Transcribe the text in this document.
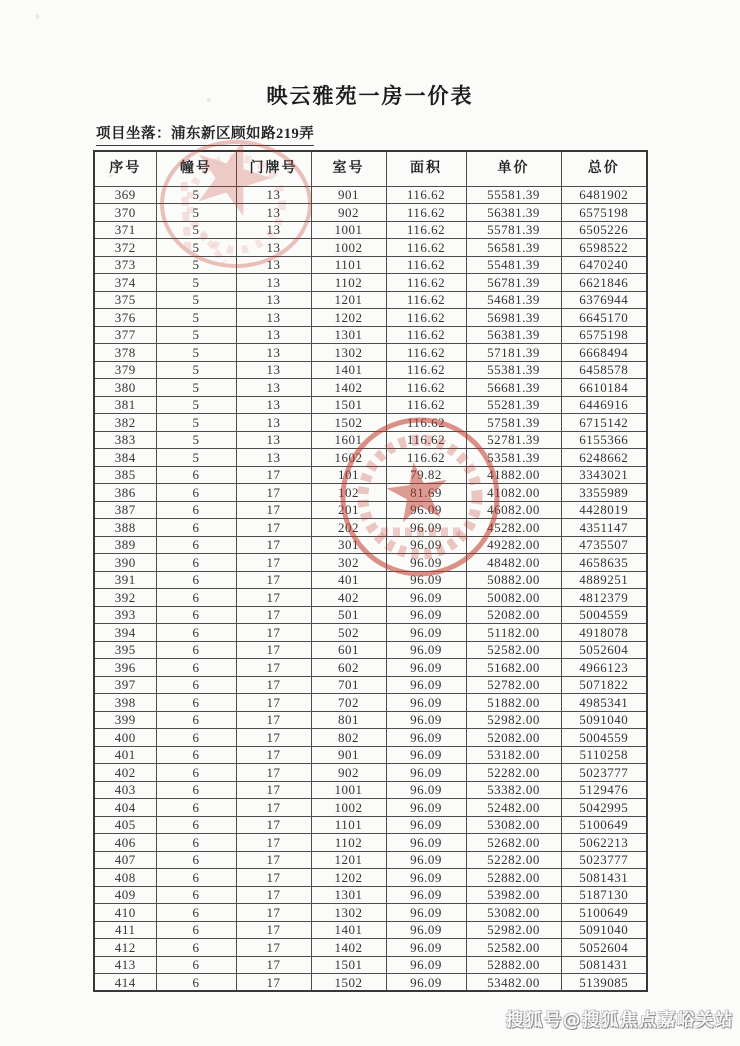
映云雅苑一房一价表
项目坐落：浦东新区顾如路219弄
序号	幢号	门牌号	室号	面积	单价	总价
369	5	13	901	116.62	55581.39	6481902
370	5	13	902	116.62	56381.39	6575198
371	5	13	1001	116.62	55781.39	6505226
372	5	13	1002	116.62	56581.39	6598522
373	5	13	1101	116.62	55481.39	6470240
374	5	13	1102	116.62	56781.39	6621846
375	5	13	1201	116.62	54681.39	6376944
376	5	13	1202	116.62	56981.39	6645170
377	5	13	1301	116.62	56381.39	6575198
378	5	13	1302	116.62	57181.39	6668494
379	5	13	1401	116.62	55381.39	6458578
380	5	13	1402	116.62	56681.39	6610184
381	5	13	1501	116.62	55281.39	6446916
382	5	13	1502	116.62	57581.39	6715142
383	5	13	1601	116.62	52781.39	6155366
384	5	13	1602	116.62	53581.39	6248662
385	6	17	101	79.82	41882.00	3343021
386	6	17	102	81.69	41082.00	3355989
387	6	17	201	96.09	46082.00	4428019
388	6	17	202	96.09	45282.00	4351147
389	6	17	301	96.09	49282.00	4735507
390	6	17	302	96.09	48482.00	4658635
391	6	17	401	96.09	50882.00	4889251
392	6	17	402	96.09	50082.00	4812379
393	6	17	501	96.09	52082.00	5004559
394	6	17	502	96.09	51182.00	4918078
395	6	17	601	96.09	52582.00	5052604
396	6	17	602	96.09	51682.00	4966123
397	6	17	701	96.09	52782.00	5071822
398	6	17	702	96.09	51882.00	4985341
399	6	17	801	96.09	52982.00	5091040
400	6	17	802	96.09	52082.00	5004559
401	6	17	901	96.09	53182.00	5110258
402	6	17	902	96.09	52282.00	5023777
403	6	17	1001	96.09	53382.00	5129476
404	6	17	1002	96.09	52482.00	5042995
405	6	17	1101	96.09	53082.00	5100649
406	6	17	1102	96.09	52682.00	5062213
407	6	17	1201	96.09	52282.00	5023777
408	6	17	1202	96.09	52882.00	5081431
409	6	17	1301	96.09	53982.00	5187130
410	6	17	1302	96.09	53082.00	5100649
411	6	17	1401	96.09	52982.00	5091040
412	6	17	1402	96.09	52582.00	5052604
413	6	17	1501	96.09	52882.00	5081431
414	6	17	1502	96.09	53482.00	5139085
搜狐号@搜狐焦点嘉峪关站
